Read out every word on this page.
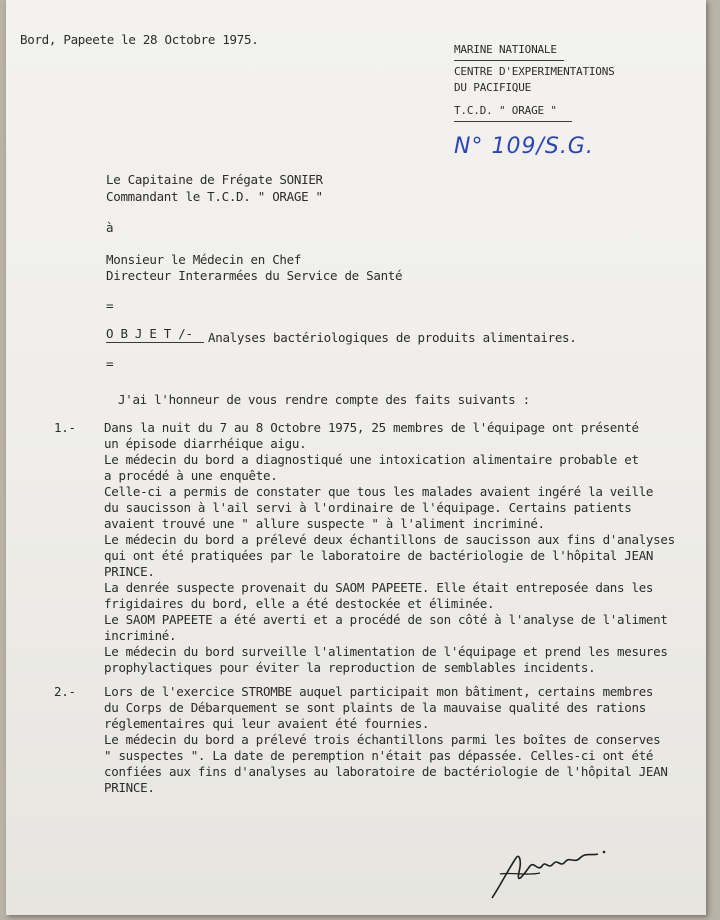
Bord, Papeete le 28 Octobre 1975.
MARINE NATIONALE
CENTRE D'EXPERIMENTATIONS
DU PACIFIQUE
T.C.D. " ORAGE "
N° 109/S.G.
Le Capitaine de Frégate SONIER
Commandant le T.C.D. " ORAGE "
à
Monsieur le Médecin en Chef
Directeur Interarmées du Service de Santé
=
O B J E T /- Analyses bactériologiques de produits alimentaires.
=
J'ai l'honneur de vous rendre compte des faits suivants :
1.- Dans la nuit du 7 au 8 Octobre 1975, 25 membres de l'équipage ont présenté
un épisode diarrhéique aigu.
Le médecin du bord a diagnostiqué une intoxication alimentaire probable et
a procédé à une enquête.
Celle-ci a permis de constater que tous les malades avaient ingéré la veille
du saucisson à l'ail servi à l'ordinaire de l'équipage. Certains patients
avaient trouvé une " allure suspecte " à l'aliment incriminé.
Le médecin du bord a prélevé deux échantillons de saucisson aux fins d'analyses
qui ont été pratiquées par le laboratoire de bactériologie de l'hôpital JEAN
PRINCE.
La denrée suspecte provenait du SAOM PAPEETE. Elle était entreposée dans les
frigidaires du bord, elle a été destockée et éliminée.
Le SAOM PAPEETE a été averti et a procédé de son côté à l'analyse de l'aliment
incriminé.
Le médecin du bord surveille l'alimentation de l'équipage et prend les mesures
prophylactiques pour éviter la reproduction de semblables incidents.
2.- Lors de l'exercice STROMBE auquel participait mon bâtiment, certains membres
du Corps de Débarquement se sont plaints de la mauvaise qualité des rations
réglementaires qui leur avaient été fournies.
Le médecin du bord a prélevé trois échantillons parmi les boîtes de conserves
" suspectes ". La date de peremption n'était pas dépassée. Celles-ci ont été
confiées aux fins d'analyses au laboratoire de bactériologie de l'hôpital JEAN
PRINCE.
